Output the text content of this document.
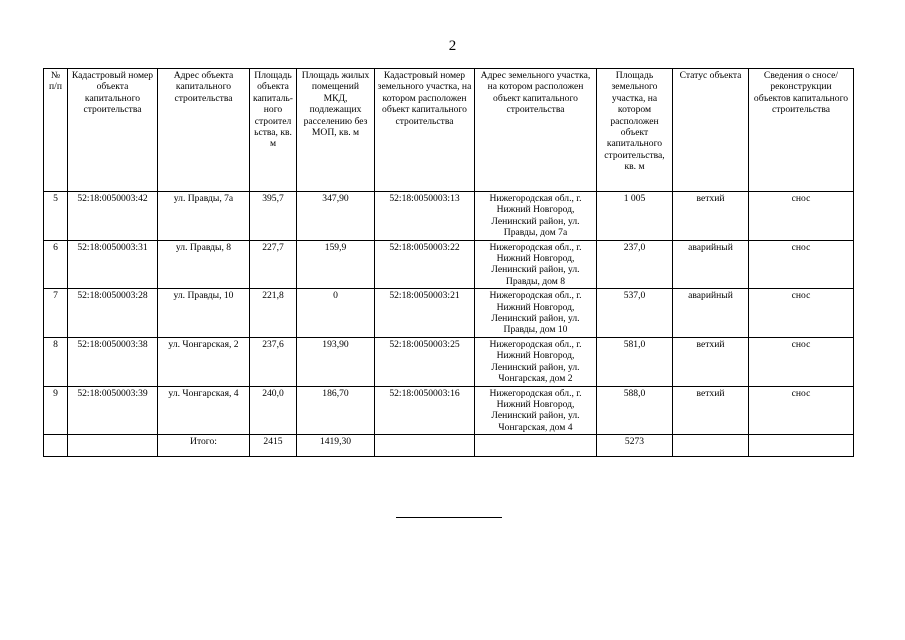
2
№ п/п	Кадастровый номер объекта капитального строительства	Адрес объекта капитального строительства	Площадь объекта капиталь-ного строител ьства, кв. м	Площадь жилых помещений МКД, подлежащих расселению без МОП, кв. м	Кадастровый номер земельного участка, на котором расположен объект капитального строительства	Адрес земельного участка, на котором расположен объект капитального строительства	Площадь земельного участка, на котором расположен объект капитального строительства, кв. м	Статус объекта	Сведения о сносе/реконструкции объектов капитального строительства
5	52:18:0050003:42	ул. Правды, 7а	395,7	347,90	52:18:0050003:13	Нижегородская обл., г. Нижний Новгород, Ленинский район, ул. Правды, дом 7а	1 005	ветхий	снос
6	52:18:0050003:31	ул. Правды, 8	227,7	159,9	52:18:0050003:22	Нижегородская обл., г. Нижний Новгород, Ленинский район, ул. Правды, дом 8	237,0	аварийный	снос
7	52:18:0050003:28	ул. Правды, 10	221,8	0	52:18:0050003:21	Нижегородская обл., г. Нижний Новгород, Ленинский район, ул. Правды, дом 10	537,0	аварийный	снос
8	52:18:0050003:38	ул. Чонгарская, 2	237,6	193,90	52:18:0050003:25	Нижегородская обл., г. Нижний Новгород, Ленинский район, ул. Чонгарская, дом 2	581,0	ветхий	снос
9	52:18:0050003:39	ул. Чонгарская, 4	240,0	186,70	52:18:0050003:16	Нижегородская обл., г. Нижний Новгород, Ленинский район, ул. Чонгарская, дом 4	588,0	ветхий	снос
		Итого:	2415	1419,30			5273		
